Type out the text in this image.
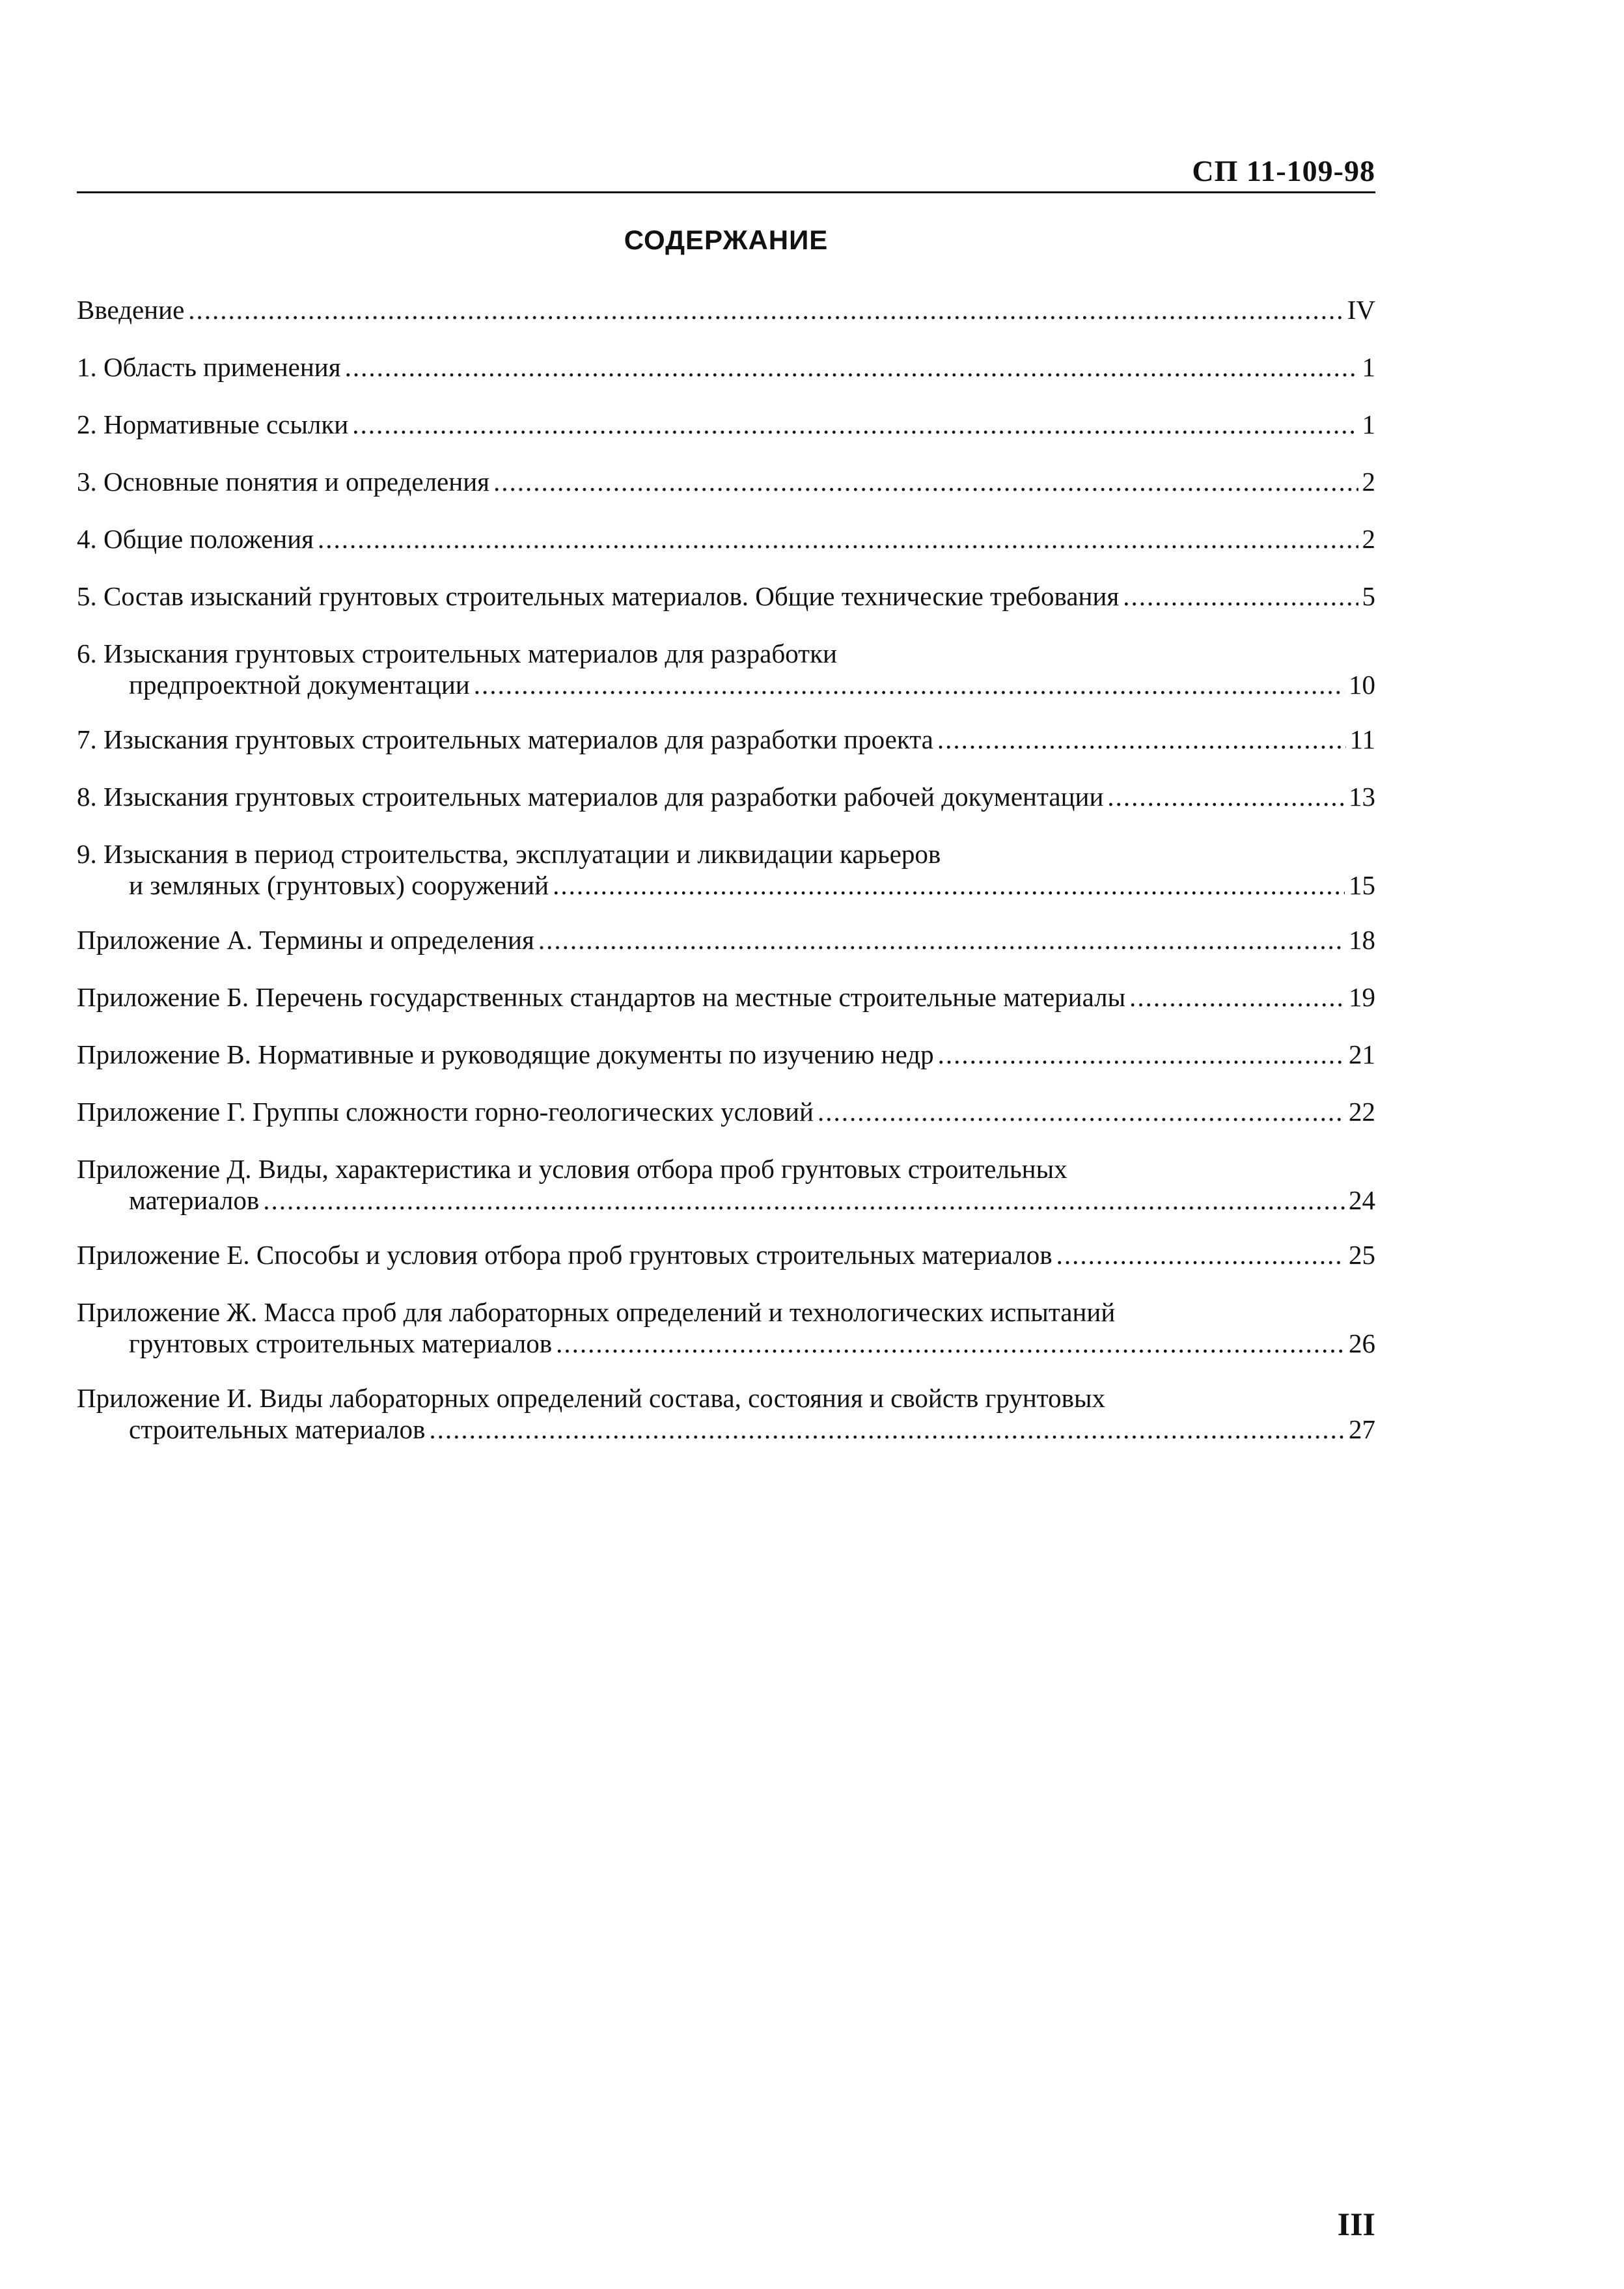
СП 11-109-98
СОДЕРЖАНИЕ
Введение .....	IV
1. Область применения .....	1
2. Нормативные ссылки .....	1
3. Основные понятия и определения .....	2
4. Общие положения .....	2
5. Состав изысканий грунтовых строительных материалов. Общие технические требования .....	5
6. Изыскания грунтовых строительных материалов для разработки
предпроектной документации .....	10
7. Изыскания грунтовых строительных материалов для разработки проекта .....	11
8. Изыскания грунтовых строительных материалов для разработки рабочей документации .....	13
9. Изыскания в период строительства, эксплуатации и ликвидации карьеров
и земляных (грунтовых) сооружений .....	15
Приложение А. Термины и определения .....	18
Приложение Б. Перечень государственных стандартов на местные строительные материалы .....	19
Приложение В. Нормативные и руководящие документы по изучению недр .....	21
Приложение Г. Группы сложности горно-геологических условий .....	22
Приложение Д. Виды, характеристика и условия отбора проб грунтовых строительных
материалов .....	24
Приложение Е. Способы и условия отбора проб грунтовых строительных материалов .....	25
Приложение Ж. Масса проб для лабораторных определений и технологических испытаний
грунтовых строительных материалов .....	26
Приложение И. Виды лабораторных определений состава, состояния и свойств грунтовых
строительных материалов .....	27
III
